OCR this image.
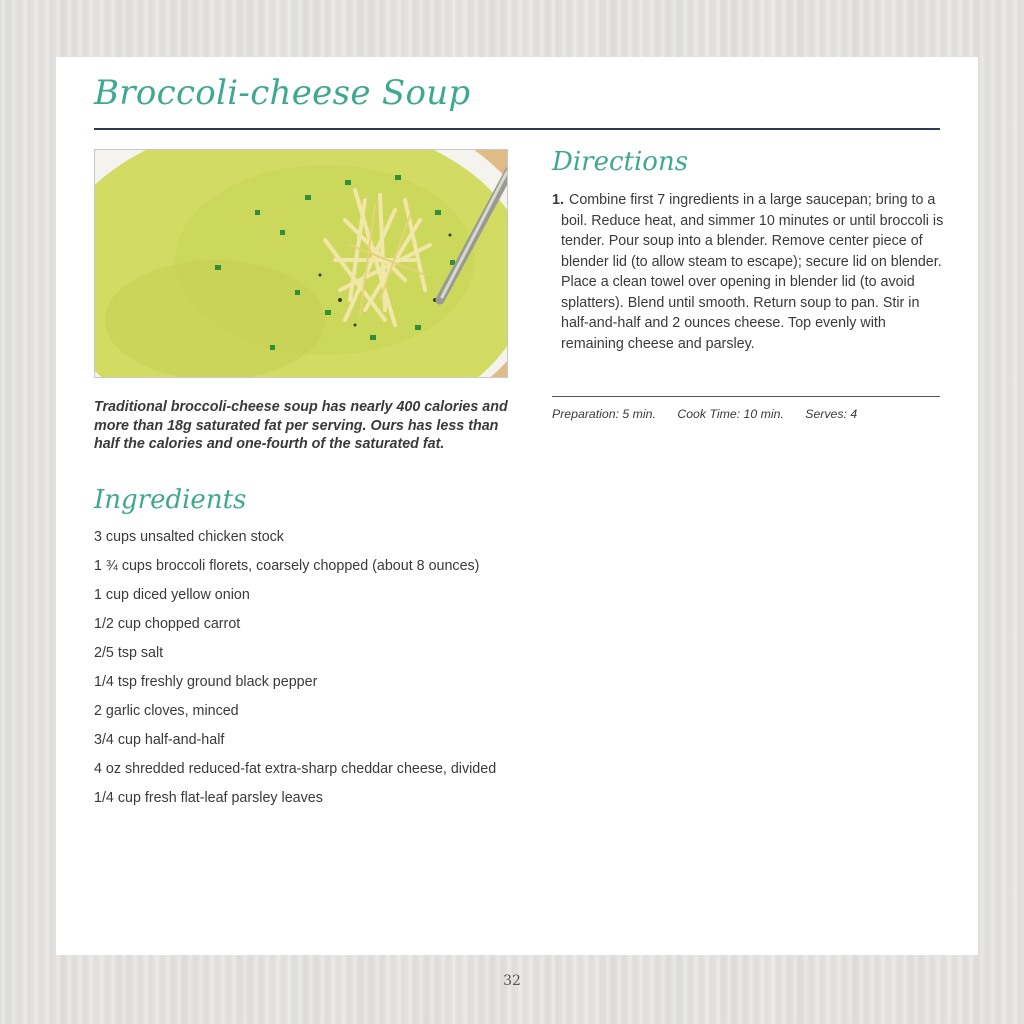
Broccoli-cheese Soup

Traditional broccoli-cheese soup has nearly 400 calories and more than 18g saturated fat per serving. Ours has less than half the calories and one-fourth of the saturated fat.

Ingredients
3 cups unsalted chicken stock
1 ¾ cups broccoli florets, coarsely chopped (about 8 ounces)
1 cup diced yellow onion
1/2 cup chopped carrot
2/5 tsp salt
1/4 tsp freshly ground black pepper
2 garlic cloves, minced
3/4 cup half-and-half
4 oz shredded reduced-fat extra-sharp cheddar cheese, divided
1/4 cup fresh flat-leaf parsley leaves
Directions
1. Combine first 7 ingredients in a large saucepan; bring to a boil. Reduce heat, and simmer 10 minutes or until broccoli is tender. Pour soup into a blender. Remove center piece of blender lid (to allow steam to escape); secure lid on blender. Place a clean towel over opening in blender lid (to avoid splatters). Blend until smooth. Return soup to pan. Stir in half-and-half and 2 ounces cheese. Top evenly with remaining cheese and parsley.

Preparation: 5 min. Cook Time: 10 min. Serves: 4

32
